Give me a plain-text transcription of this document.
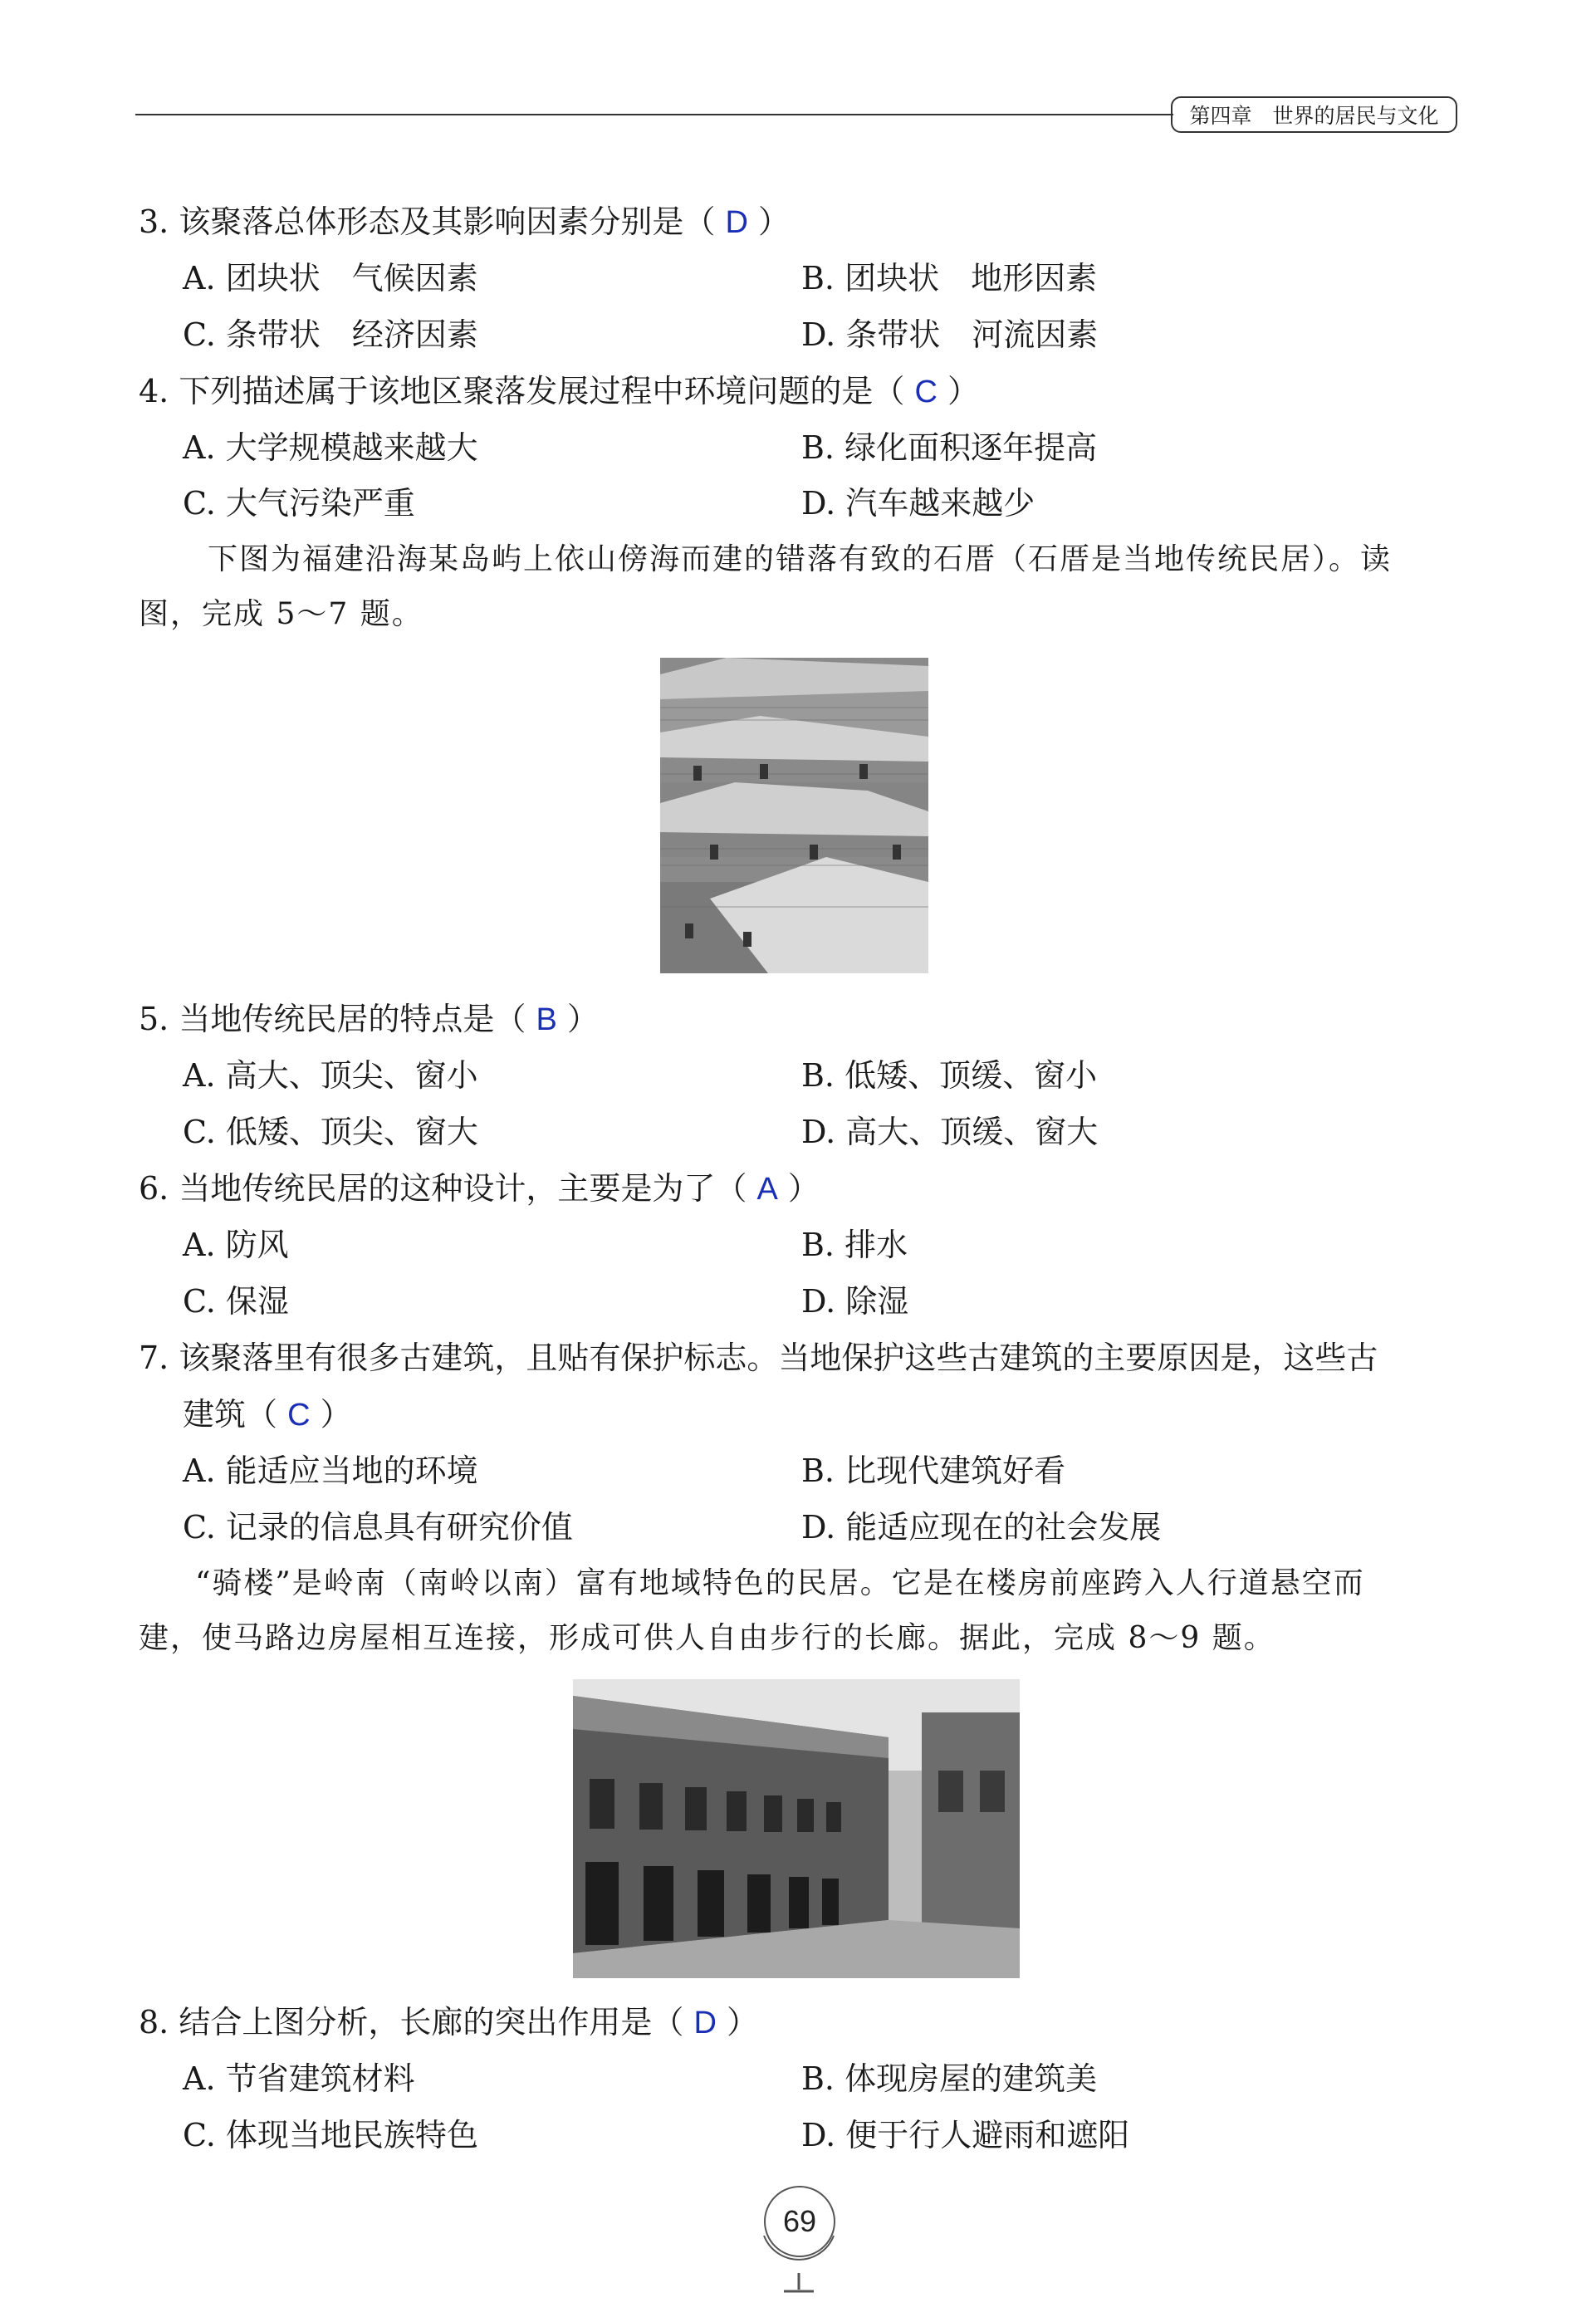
第四章　世界的居民与文化
3. 该聚落总体形态及其影响因素分别是（ D ）
A. 团块状　气候因素	B. 团块状　地形因素
C. 条带状　经济因素	D. 条带状　河流因素
4. 下列描述属于该地区聚落发展过程中环境问题的是（ C ）
A. 大学规模越来越大	B. 绿化面积逐年提高
C. 大气污染严重	D. 汽车越来越少
下图为福建沿海某岛屿上依山傍海而建的错落有致的石厝（石厝是当地传统民居）。读
图，完成 5～7 题。
5. 当地传统民居的特点是（ B ）
A. 高大、顶尖、窗小	B. 低矮、顶缓、窗小
C. 低矮、顶尖、窗大	D. 高大、顶缓、窗大
6. 当地传统民居的这种设计，主要是为了（ A ）
A. 防风	B. 排水
C. 保湿	D. 除湿
7. 该聚落里有很多古建筑，且贴有保护标志。当地保护这些古建筑的主要原因是，这些古
建筑（ C ）
A. 能适应当地的环境	B. 比现代建筑好看
C. 记录的信息具有研究价值	D. 能适应现在的社会发展
“骑楼”是岭南（南岭以南）富有地域特色的民居。它是在楼房前座跨入人行道悬空而
建，使马路边房屋相互连接，形成可供人自由步行的长廊。据此，完成 8～9 题。
8. 结合上图分析，长廊的突出作用是（ D ）
A. 节省建筑材料	B. 体现房屋的建筑美
C. 体现当地民族特色	D. 便于行人避雨和遮阳
69
